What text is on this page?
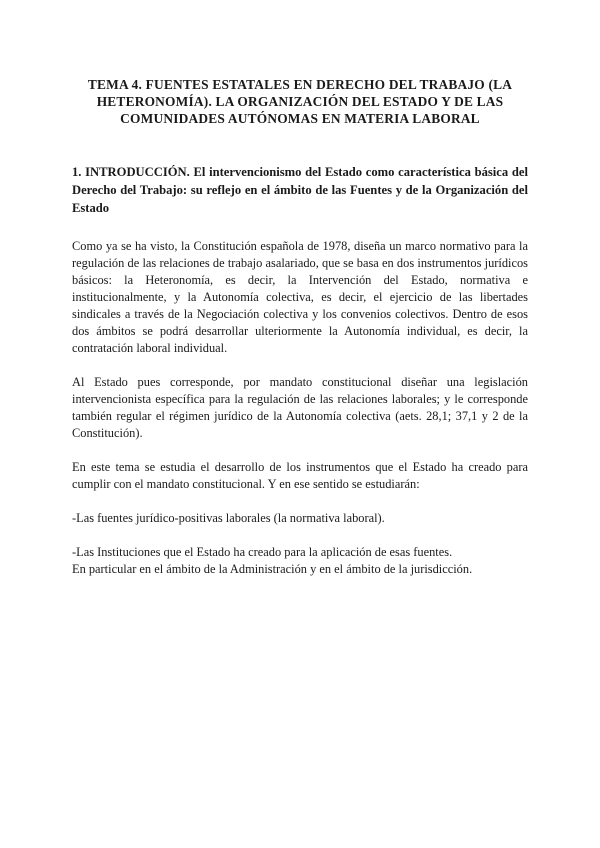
TEMA 4. FUENTES ESTATALES EN DERECHO DEL TRABAJO (LA HETERONOMÍA). LA ORGANIZACIÓN DEL ESTADO Y DE LAS COMUNIDADES AUTÓNOMAS EN MATERIA LABORAL

1. INTRODUCCIÓN. El intervencionismo del Estado como característica básica del Derecho del Trabajo: su reflejo en el ámbito de las Fuentes y de la Organización del Estado

Como ya se ha visto, la Constitución española de 1978, diseña un marco normativo para la regulación de las relaciones de trabajo asalariado, que se basa en dos instrumentos jurídicos básicos: la Heteronomía, es decir, la Intervención del Estado, normativa e institucionalmente, y la Autonomía colectiva, es decir, el ejercicio de las libertades sindicales a través de la Negociación colectiva y los convenios colectivos. Dentro de esos dos ámbitos se podrá desarrollar ulteriormente la Autonomía individual, es decir, la contratación laboral individual.

Al Estado pues corresponde, por mandato constitucional diseñar una legislación intervencionista específica para la regulación de las relaciones laborales; y le corresponde también regular el régimen jurídico de la Autonomía colectiva (aets. 28,1; 37,1 y 2 de la Constitución).

En este tema se estudia el desarrollo de los instrumentos que el Estado ha creado para cumplir con el mandato constitucional. Y en ese sentido se estudiarán:

-Las fuentes jurídico-positivas laborales (la normativa laboral).

-Las Instituciones que el Estado ha creado para la aplicación de esas fuentes.
En particular en el ámbito de la Administración y en el ámbito de la jurisdicción.
